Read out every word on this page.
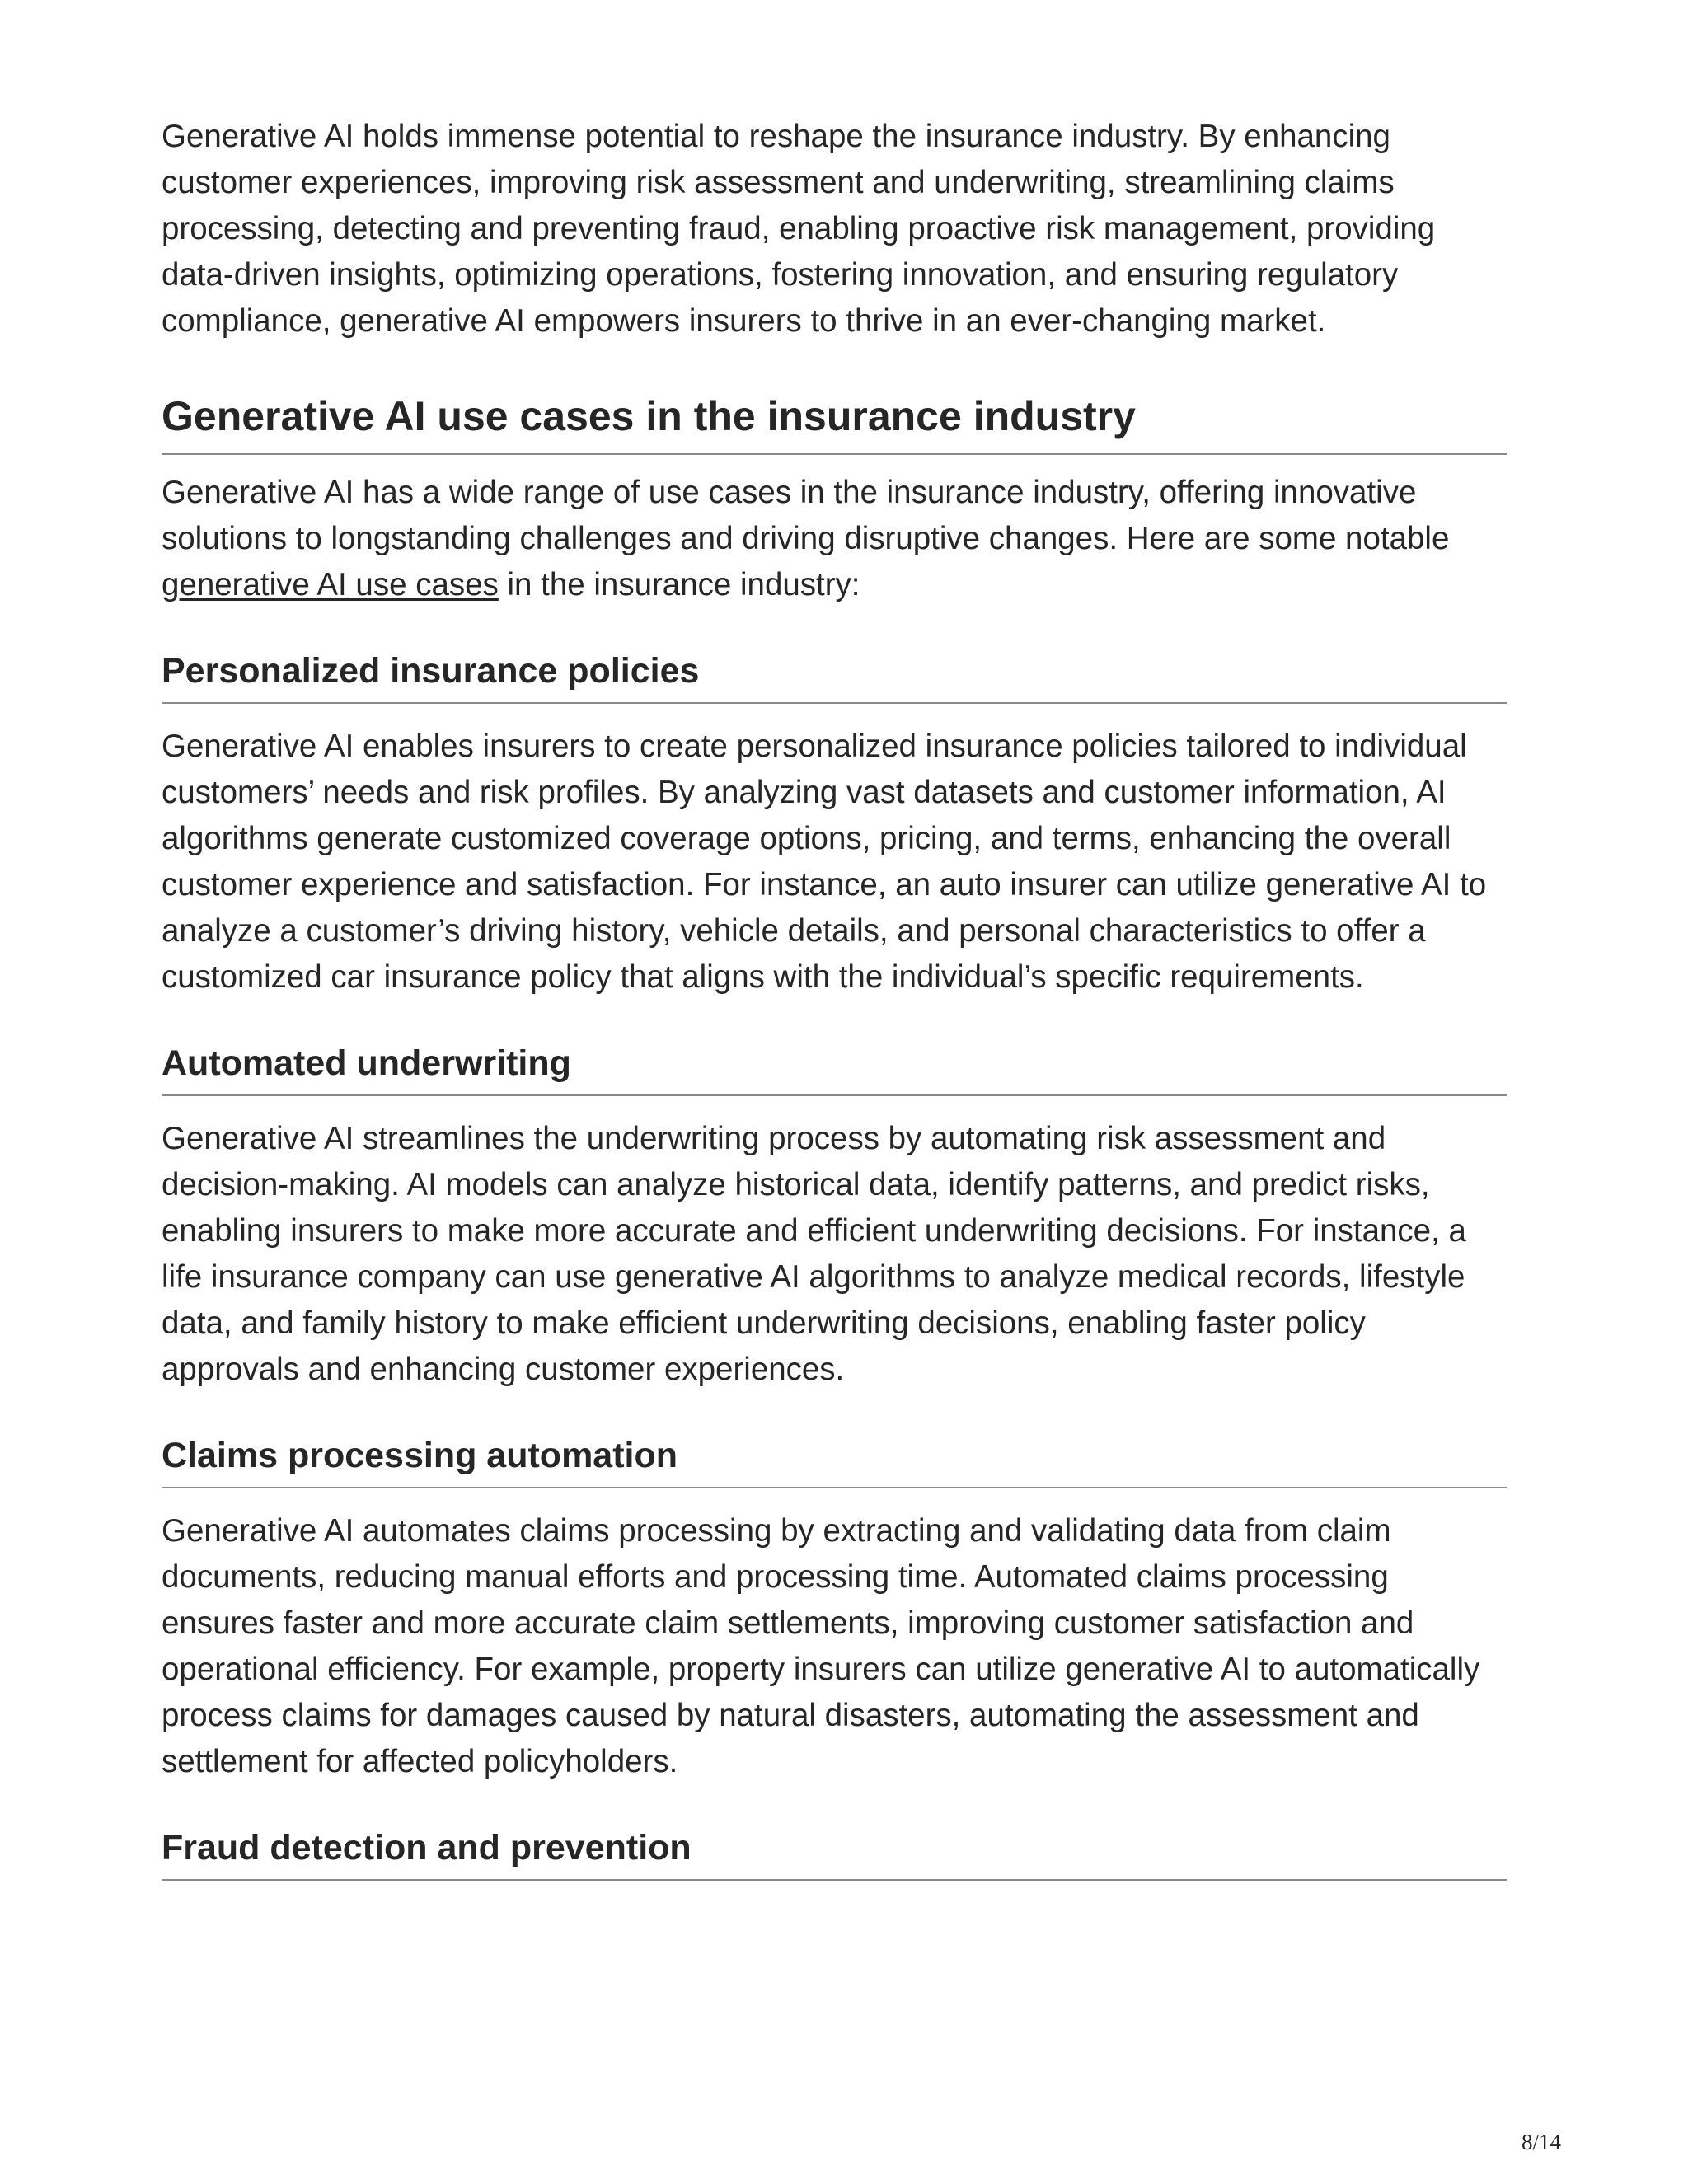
Generative AI holds immense potential to reshape the insurance industry. By enhancing customer experiences, improving risk assessment and underwriting, streamlining claims processing, detecting and preventing fraud, enabling proactive risk management, providing data-driven insights, optimizing operations, fostering innovation, and ensuring regulatory compliance, generative AI empowers insurers to thrive in an ever-changing market.

Generative AI use cases in the insurance industry

Generative AI has a wide range of use cases in the insurance industry, offering innovative solutions to longstanding challenges and driving disruptive changes. Here are some notable generative AI use cases in the insurance industry:

Personalized insurance policies

Generative AI enables insurers to create personalized insurance policies tailored to individual customers’ needs and risk profiles. By analyzing vast datasets and customer information, AI algorithms generate customized coverage options, pricing, and terms, enhancing the overall customer experience and satisfaction. For instance, an auto insurer can utilize generative AI to analyze a customer’s driving history, vehicle details, and personal characteristics to offer a customized car insurance policy that aligns with the individual’s specific requirements.

Automated underwriting

Generative AI streamlines the underwriting process by automating risk assessment and decision-making. AI models can analyze historical data, identify patterns, and predict risks, enabling insurers to make more accurate and efficient underwriting decisions. For instance, a life insurance company can use generative AI algorithms to analyze medical records, lifestyle data, and family history to make efficient underwriting decisions, enabling faster policy approvals and enhancing customer experiences.

Claims processing automation

Generative AI automates claims processing by extracting and validating data from claim documents, reducing manual efforts and processing time. Automated claims processing ensures faster and more accurate claim settlements, improving customer satisfaction and operational efficiency. For example, property insurers can utilize generative AI to automatically process claims for damages caused by natural disasters, automating the assessment and settlement for affected policyholders.

Fraud detection and prevention
8/14
